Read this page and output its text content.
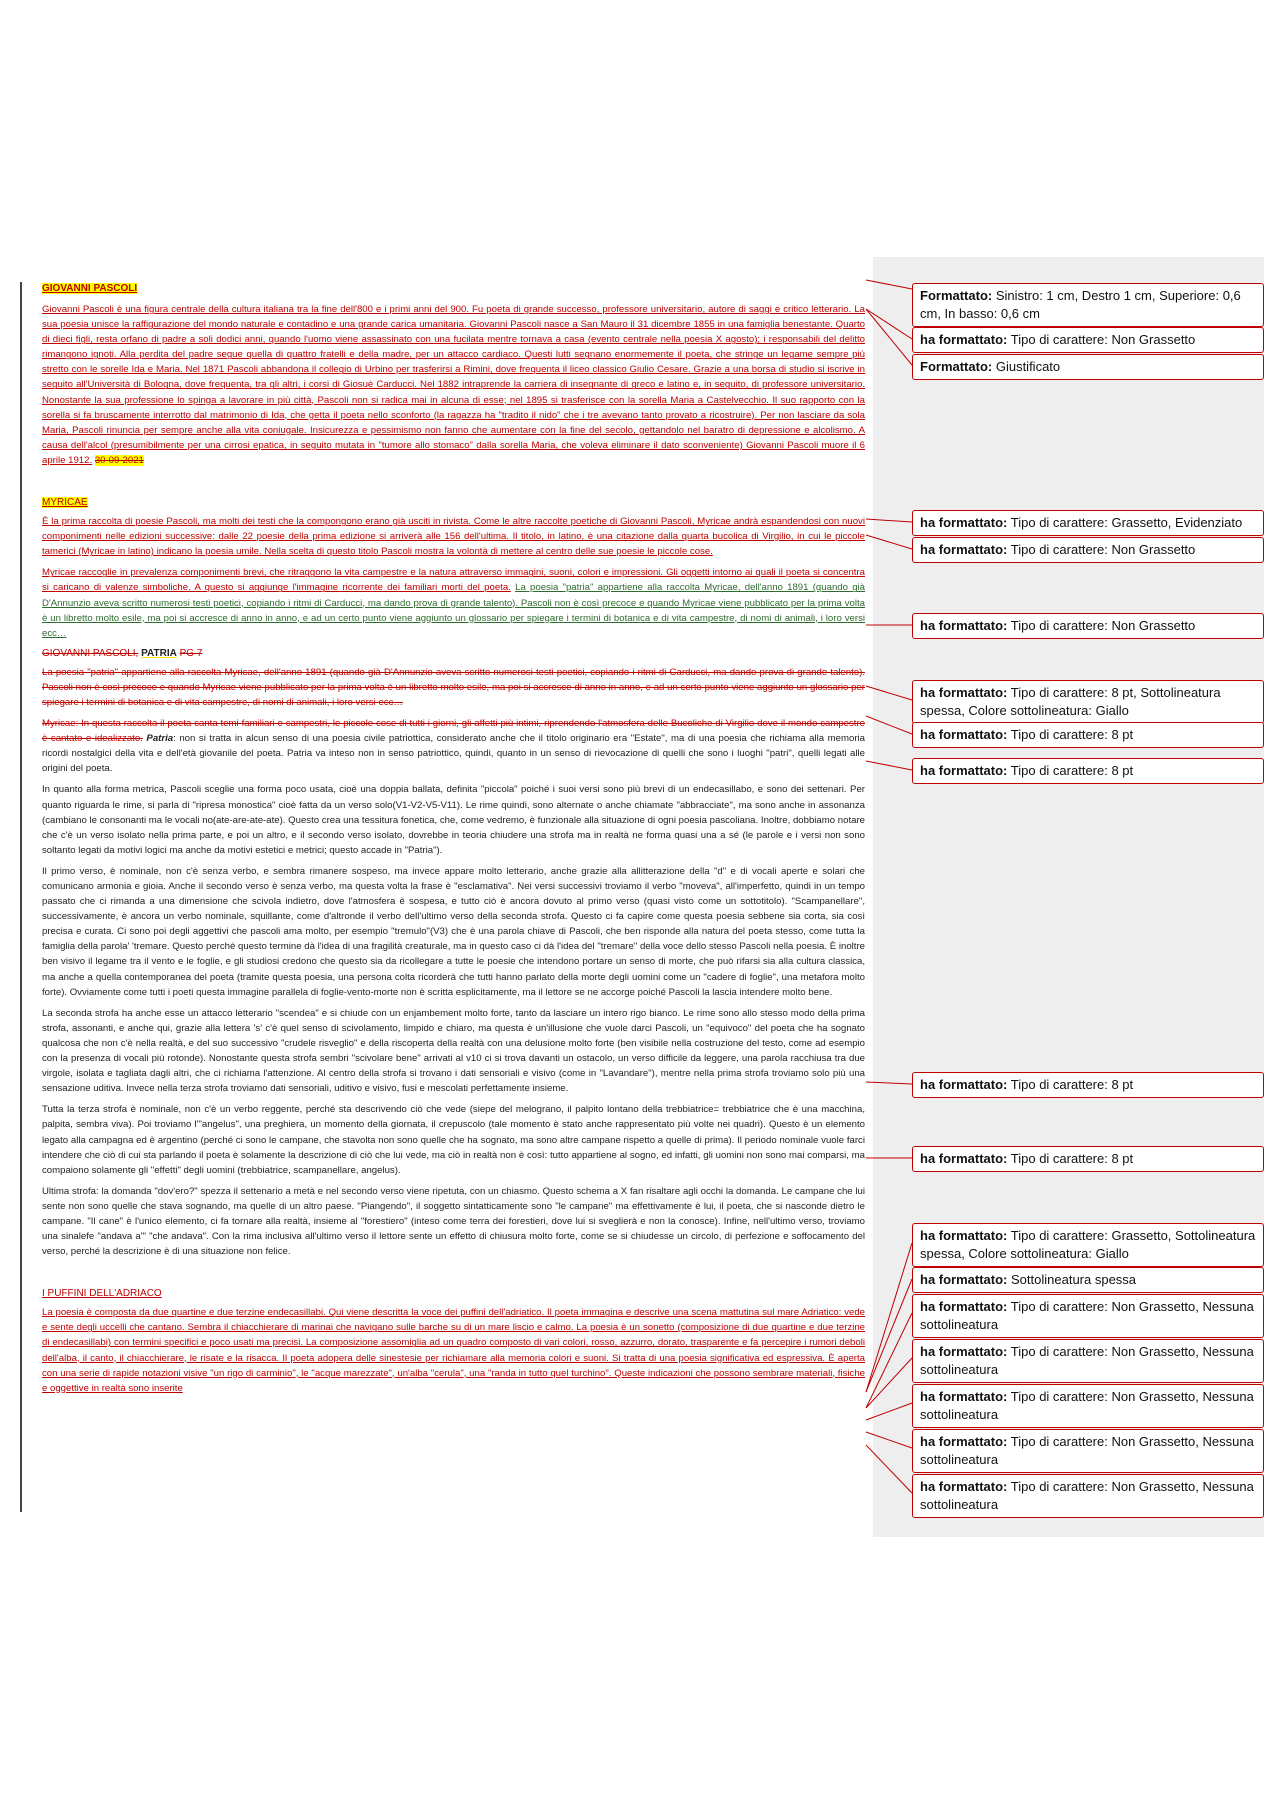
GIOVANNI PASCOLI

Giovanni Pascoli è una figura centrale della cultura italiana tra la fine dell'800 e i primi anni del 900. Fu poeta di grande successo, professore universitario, autore di saggi e critico letterario. La sua poesia unisce la raffigurazione del mondo naturale e contadino e una grande carica umanitaria. Giovanni Pascoli nasce a San Mauro il 31 dicembre 1855 in una famiglia benestante. Quarto di dieci figli, resta orfano di padre a soli dodici anni, quando l'uomo viene assassinato con una fucilata mentre tornava a casa (evento centrale nella poesia X agosto); i responsabili del delitto rimangono ignoti. Alla perdita del padre segue quella di quattro fratelli e della madre, per un attacco cardiaco. Questi lutti segnano enormemente il poeta, che stringe un legame sempre più stretto con le sorelle Ida e Maria. Nel 1871 Pascoli abbandona il collegio di Urbino per trasferirsi a Rimini, dove frequenta il liceo classico Giulio Cesare. Grazie a una borsa di studio si iscrive in seguito all'Università di Bologna, dove frequenta, tra gli altri, i corsi di Giosuè Carducci. Nel 1882 intraprende la carriera di insegnante di greco e latino e, in seguito, di professore universitario. Nonostante la sua professione lo spinga a lavorare in più città, Pascoli non si radica mai in alcuna di esse; nel 1895 si trasferisce con la sorella Maria a Castelvecchio. Il suo rapporto con la sorella si fa bruscamente interrotto dal matrimonio di Ida, che getta il poeta nello sconforto (la ragazza ha "tradito il nido" che i tre avevano tanto provato a ricostruire). Per non lasciare da sola Maria, Pascoli rinuncia per sempre anche alla vita coniugale. Insicurezza e pessimismo non fanno che aumentare con la fine del secolo, gettandolo nel baratro di depressione e alcolismo. A causa dell'alcol (presumibilmente per una cirrosi epatica, in seguito mutata in "tumore allo stomaco" dalla sorella Maria, che voleva eliminare il dato sconveniente) Giovanni Pascoli muore il 6 aprile 1912. 30-09-2021

MYRICAE

È la prima raccolta di poesie Pascoli, ma molti dei testi che la compongono erano già usciti in rivista. Come le altre raccolte poetiche di Giovanni Pascoli, Myricae andrà espandendosi con nuovi componimenti nelle edizioni successive: dalle 22 poesie della prima edizione si arriverà alle 156 dell'ultima. Il titolo, in latino, è una citazione dalla quarta bucolica di Virgilio, in cui le piccole tamerici (Myricae in latino) indicano la poesia umile. Nella scelta di questo titolo Pascoli mostra la volontà di mettere al centro delle sue poesie le piccole cose.

Myricae raccoglie in prevalenza componimenti brevi, che ritraggono la vita campestre e la natura attraverso immagini, suoni, colori e impressioni. Gli oggetti intorno ai quali il poeta si concentra si caricano di valenze simboliche. A questo si aggiunge l'immagine ricorrente dei familiari morti del poeta. La poesia "patria" appartiene alla raccolta Myricae, dell'anno 1891 (quando già D'Annunzio aveva scritto numerosi testi poetici, copiando i ritmi di Carducci, ma dando prova di grande talento). Pascoli non è così precoce e quando Myricae viene pubblicato per la prima volta è un libretto molto esile, ma poi si accresce di anno in anno, e ad un certo punto viene aggiunto un glossario per spiegare i termini di botanica e di vita campestre, di nomi di animali, i loro versi ecc…

GIOVANNI PASCOLI, PATRIA PG 7

La poesia "patria" appartiene alla raccolta Myricae, dell'anno 1891 (quando già D'Annunzio aveva scritto numerosi testi poetici, copiando i ritmi di Carducci, ma dando prova di grande talento). Pascoli non è così precoce e quando Myricae viene pubblicato per la prima volta è un libretto molto esile, ma poi si accresce di anno in anno, e ad un certo punto viene aggiunto un glossario per spiegare i termini di botanica e di vita campestre, di nomi di animali, i loro versi ecc…

Myricae: In questa raccolta il poeta canta temi familiari e campestri, le piccole cose di tutti i giorni, gli affetti più intimi, riprendendo l'atmosfera delle Bucoliche di Virgilio dove il mondo campestre è cantato e idealizzato. Patria: non si tratta in alcun senso di una poesia civile patriottica, considerato anche che il titolo originario era "Estate", ma di una poesia che richiama alla memoria ricordi nostalgici della vita e dell'età giovanile del poeta. Patria va inteso non in senso patriottico, quindi, quanto in un senso di rievocazione di quelli che sono i luoghi "patri", quelli legati alle origini del poeta.

In quanto alla forma metrica, Pascoli sceglie una forma poco usata, cioè una doppia ballata, definita "piccola" poiché i suoi versi sono più brevi di un endecasillabo, e sono dei settenari. Per quanto riguarda le rime, si parla di "ripresa monostica" cioè fatta da un verso solo(V1-V2-V5-V11). Le rime quindi, sono alternate o anche chiamate "abbracciate", ma sono anche in assonanza (cambiano le consonanti ma le vocali no(ate-are-ate-ate). Questo crea una tessitura fonetica, che, come vedremo, è funzionale alla situazione di ogni poesia pascoliana. Inoltre, dobbiamo notare che c'è un verso isolato nella prima parte, e poi un altro, e il secondo verso isolato, dovrebbe in teoria chiudere una strofa ma in realtà ne forma quasi una a sé (le parole e i versi non sono soltanto legati da motivi logici ma anche da motivi estetici e metrici; questo accade in "Patria").

Il primo verso, è nominale, non c'è senza verbo, e sembra rimanere sospeso, ma invece appare molto letterario, anche grazie alla allitterazione della "d" e di vocali aperte e solari che comunicano armonia e gioia. Anche il secondo verso è senza verbo, ma questa volta la frase è "esclamativa". Nei versi successivi troviamo il verbo "moveva", all'imperfetto, quindi in un tempo passato che ci rimanda a una dimensione che scivola indietro, dove l'atmosfera è sospesa, e tutto ciò è ancora dovuto al primo verso (quasi visto come un sottotitolo). "Scampanellare", successivamente, è ancora un verbo nominale, squillante, come d'altronde il verbo dell'ultimo verso della seconda strofa. Questo ci fa capire come questa poesia sebbene sia corta, sia così precisa e curata. Ci sono poi degli aggettivi che pascoli ama molto, per esempio "tremulo"(V3) che è una parola chiave di Pascoli, che ben risponde alla natura del poeta stesso, come tutta la famiglia della parola' 'tremare. Questo perché questo termine dà l'idea di una fragilità creaturale, ma in questo caso ci dà l'idea del "tremare" della voce dello stesso Pascoli nella poesia. È inoltre ben visivo il legame tra il vento e le foglie, e gli studiosi credono che questo sia da ricollegare a tutte le poesie che intendono portare un senso di morte, che può rifarsi sia alla cultura classica, ma anche a quella contemporanea del poeta (tramite questa poesia, una persona colta ricorderà che tutti hanno parlato della morte degli uomini come un "cadere di foglie", una metafora molto forte). Ovviamente come tutti i poeti questa immagine parallela di foglie-vento-morte non è scritta esplicitamente, ma il lettore se ne accorge poiché Pascoli la lascia intendere molto bene.

La seconda strofa ha anche esse un attacco letterario "scendea" e si chiude con un enjambement molto forte, tanto da lasciare un intero rigo bianco. Le rime sono allo stesso modo della prima strofa, assonanti, e anche qui, grazie alla lettera 's' c'è quel senso di scivolamento, limpido e chiaro, ma questa è un'illusione che vuole darci Pascoli, un "equivoco" del poeta che ha sognato qualcosa che non c'è nella realtà, e del suo successivo "crudele risveglio" e della riscoperta della realtà con una delusione molto forte (ben visibile nella costruzione del testo, come ad esempio con la presenza di vocali più rotonde). Nonostante questa strofa sembri "scivolare bene" arrivati al v10 ci si trova davanti un ostacolo, un verso difficile da leggere, una parola racchiusa tra due virgole, isolata e tagliata dagli altri, che ci richiama l'attenzione. Al centro della strofa si trovano i dati sensoriali e visivo (come in "Lavandare"), mentre nella prima strofa troviamo solo più una sensazione uditiva. Invece nella terza strofa troviamo dati sensoriali, uditivo e visivo, fusi e mescolati perfettamente insieme.

Tutta la terza strofa è nominale, non c'è un verbo reggente, perché sta descrivendo ciò che vede (siepe del melograno, il palpito lontano della trebbiatrice= trebbiatrice che è una macchina, palpita, sembra viva). Poi troviamo l'"angelus", una preghiera, un momento della giornata, il crepuscolo (tale momento è stato anche rappresentato più volte nei quadri). Questo è un elemento legato alla campagna ed è argentino (perché ci sono le campane, che stavolta non sono quelle che ha sognato, ma sono altre campane rispetto a quelle di prima). Il periodo nominale vuole farci intendere che ciò di cui sta parlando il poeta è solamente la descrizione di ciò che lui vede, ma ciò in realtà non è così: tutto appartiene al sogno, ed infatti, gli uomini non sono mai comparsi, ma compaiono solamente gli "effetti" degli uomini (trebbiatrice, scampanellare, angelus).

Ultima strofa: la domanda "dov'ero?" spezza il settenario a metà e nel secondo verso viene ripetuta, con un chiasmo. Questo schema a X fan risaltare agli occhi la domanda. Le campane che lui sente non sono quelle che stava sognando, ma quelle di un altro paese. "Piangendo", il soggetto sintatticamente sono "le campane" ma effettivamente è lui, il poeta, che si nasconde dietro le campane. "Il cane" è l'unico elemento, ci fa tornare alla realtà, insieme al "forestiero" (inteso come terra dei forestieri, dove lui si sveglierà e non la conosce). Infine, nell'ultimo verso, troviamo una sinalefe "andava a'" "che andava". Con la rima inclusiva all'ultimo verso il lettore sente un effetto di chiusura molto forte, come se si chiudesse un circolo, di perfezione e soffocamento del verso, perché la descrizione è di una situazione non felice.

I PUFFINI DELL'ADRIACO

La poesia è composta da due quartine e due terzine endecasillabi. Qui viene descritta la voce dei puffini dell'adriatico. Il poeta immagina e descrive una scena mattutina sul mare Adriatico: vede e sente degli uccelli che cantano. Sembra il chiacchierare di marinai che navigano sulle barche su di un mare liscio e calmo. La poesia è un sonetto (composizione di due quartine e due terzine di endecasillabi) con termini specifici e poco usati ma precisi. La composizione assomiglia ad un quadro composto di vari colori, rosso, azzurro, dorato, trasparente e fa percepire i rumori deboli dell'alba, il canto, il chiacchierare, le risate e la risacca. Il poeta adopera delle sinestesie per richiamare alla memoria colori e suoni. Si tratta di una poesia significativa ed espressiva. È aperta con una serie di rapide notazioni visive "un rigo di carminio", le "acque marezzate", un'alba "cerula", una "randa in tutto quel turchino". Queste indicazioni che possono sembrare materiali, fisiche e oggettive in realtà sono inserite

Formattato: Sinistro: 1 cm, Destro 1 cm, Superiore: 0,6 cm, In basso: 0,6 cm
ha formattato: Tipo di carattere: Non Grassetto
Formattato: Giustificato
ha formattato: Tipo di carattere: Grassetto, Evidenziato
ha formattato: Tipo di carattere: Non Grassetto
ha formattato: Tipo di carattere: Non Grassetto
ha formattato: Tipo di carattere: 8 pt, Sottolineatura spessa, Colore sottolineatura: Giallo
ha formattato: Tipo di carattere: 8 pt
ha formattato: Tipo di carattere: 8 pt
ha formattato: Tipo di carattere: 8 pt
ha formattato: Tipo di carattere: 8 pt
ha formattato: Tipo di carattere: Grassetto, Sottolineatura spessa, Colore sottolineatura: Giallo
ha formattato: Sottolineatura spessa
ha formattato: Tipo di carattere: Non Grassetto, Nessuna sottolineatura
ha formattato: Tipo di carattere: Non Grassetto, Nessuna sottolineatura
ha formattato: Tipo di carattere: Non Grassetto, Nessuna sottolineatura
ha formattato: Tipo di carattere: Non Grassetto, Nessuna sottolineatura
ha formattato: Tipo di carattere: Non Grassetto, Nessuna sottolineatura
